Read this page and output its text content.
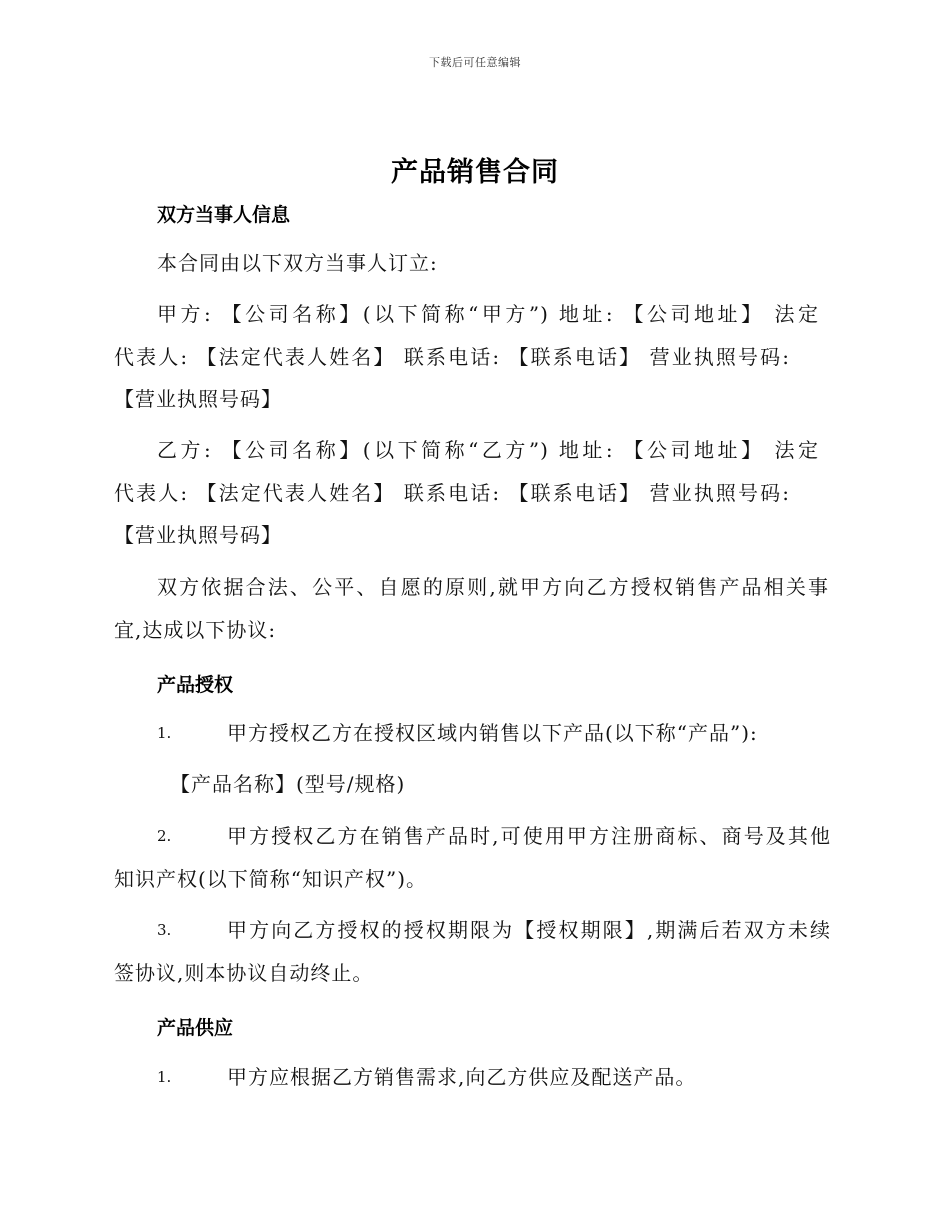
下载后可任意编辑
产品销售合同
双方当事人信息
本合同由以下双方当事人订立:
甲方: 【公司名称】(以下简称“甲方”) 地址: 【公司地址】 法定
代表人: 【法定代表人姓名】 联系电话: 【联系电话】 营业执照号码:
【营业执照号码】
乙方: 【公司名称】(以下简称“乙方”) 地址: 【公司地址】 法定
代表人: 【法定代表人姓名】 联系电话: 【联系电话】 营业执照号码:
【营业执照号码】
双方依据合法、公平、自愿的原则,就甲方向乙方授权销售产品相关事
宜,达成以下协议:
产品授权
1.	甲方授权乙方在授权区域内销售以下产品(以下称“产品”):
【产品名称】(型号/规格)
2.	甲方授权乙方在销售产品时,可使用甲方注册商标、商号及其他
知识产权(以下简称“知识产权”)。
3.	甲方向乙方授权的授权期限为【授权期限】,期满后若双方未续
签协议,则本协议自动终止。
产品供应
1.	甲方应根据乙方销售需求,向乙方供应及配送产品。
